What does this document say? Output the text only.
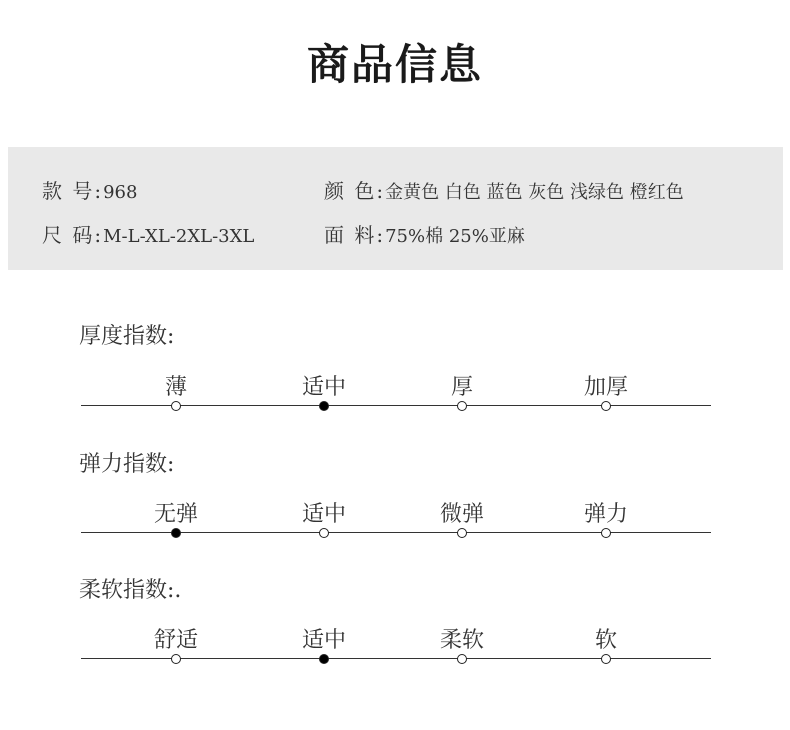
商品信息
款 号:968	颜 色:金黄色 白色 蓝色 灰色 浅绿色 橙红色
尺 码:M-L-XL-2XL-3XL	面 料:75%棉 25%亚麻
厚度指数:
薄	适中	厚	加厚
弹力指数:
无弹	适中	微弹	弹力
柔软指数:.
舒适	适中	柔软	软
